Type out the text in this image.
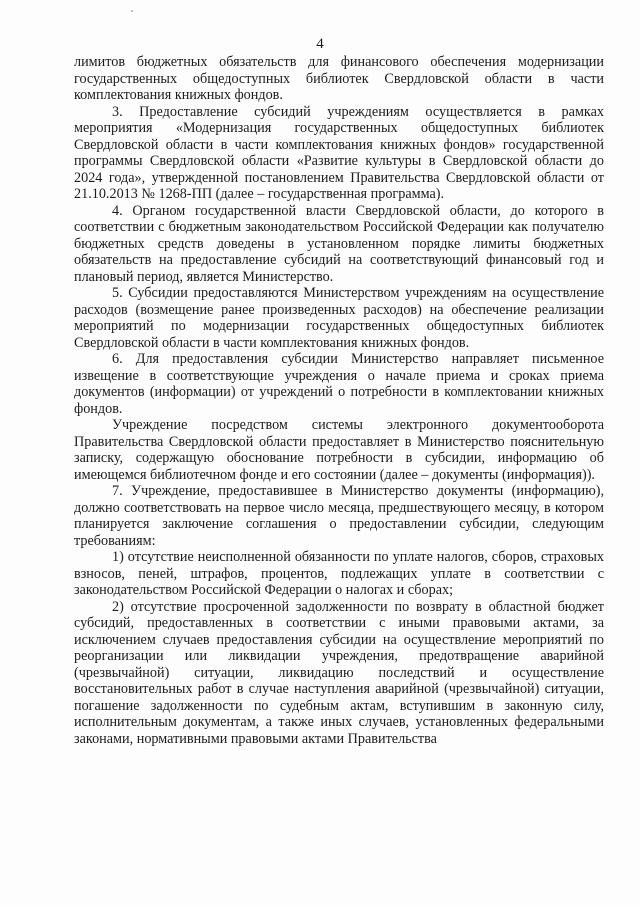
4

лимитов бюджетных обязательств для финансового обеспечения модернизации государственных общедоступных библиотек Свердловской области в части комплектования книжных фондов.

3. Предоставление субсидий учреждениям осуществляется в рамках мероприятия «Модернизация государственных общедоступных библиотек Свердловской области в части комплектования книжных фондов» государственной программы Свердловской области «Развитие культуры в Свердловской области до 2024 года», утвержденной постановлением Правительства Свердловской области от 21.10.2013 № 1268-ПП (далее – государственная программа).

4. Органом государственной власти Свердловской области, до которого в соответствии с бюджетным законодательством Российской Федерации как получателю бюджетных средств доведены в установленном порядке лимиты бюджетных обязательств на предоставление субсидий на соответствующий финансовый год и плановый период, является Министерство.

5. Субсидии предоставляются Министерством учреждениям на осуществление расходов (возмещение ранее произведенных расходов) на обеспечение реализации мероприятий по модернизации государственных общедоступных библиотек Свердловской области в части комплектования книжных фондов.

6. Для предоставления субсидии Министерство направляет письменное извещение в соответствующие учреждения о начале приема и сроках приема документов (информации) от учреждений о потребности в комплектовании книжных фондов.

Учреждение посредством системы электронного документооборота Правительства Свердловской области предоставляет в Министерство пояснительную записку, содержащую обоснование потребности в субсидии, информацию об имеющемся библиотечном фонде и его состоянии (далее – документы (информация)).

7. Учреждение, предоставившее в Министерство документы (информацию), должно соответствовать на первое число месяца, предшествующего месяцу, в котором планируется заключение соглашения о предоставлении субсидии, следующим требованиям:

1) отсутствие неисполненной обязанности по уплате налогов, сборов, страховых взносов, пеней, штрафов, процентов, подлежащих уплате в соответствии с законодательством Российской Федерации о налогах и сборах;

2) отсутствие просроченной задолженности по возврату в областной бюджет субсидий, предоставленных в соответствии с иными правовыми актами, за исключением случаев предоставления субсидии на осуществление мероприятий по реорганизации или ликвидации учреждения, предотвращение аварийной (чрезвычайной) ситуации, ликвидацию последствий и осуществление восстановительных работ в случае наступления аварийной (чрезвычайной) ситуации, погашение задолженности по судебным актам, вступившим в законную силу, исполнительным документам, а также иных случаев, установленных федеральными законами, нормативными правовыми актами Правительства
